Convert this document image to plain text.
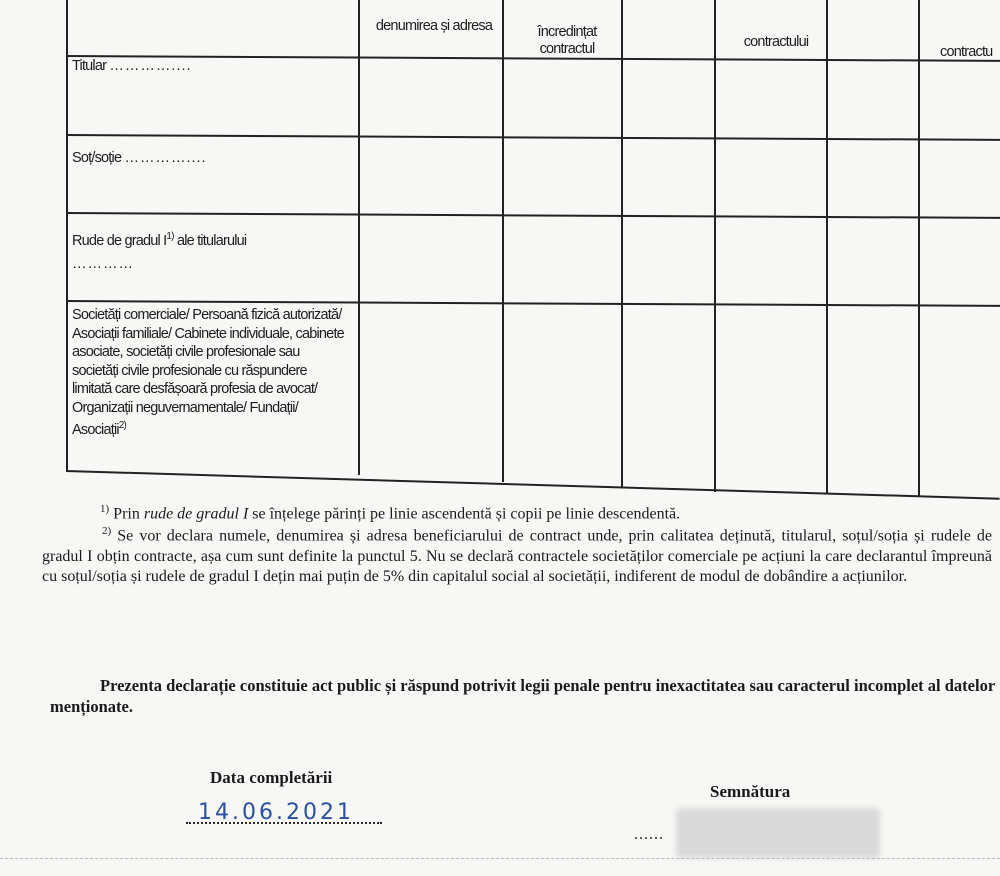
denumirea și adresa	încredințat contractul	contractului
contractu
Titular …………....
Soț/soție …………....
Rude de gradul $I^{1)}$ ale titularului
…………
Societăți comerciale/ Persoană fizică autorizată/ Asociații familiale/ Cabinete individuale, cabinete asociate, societăți civile profesionale sau societăți civile profesionale cu răspundere limitată care desfășoară profesia de avocat/ Organizații neguvernamentale/ Fundații/ Asociații$^{2)}$
$^{1)}$ Prin rude de gradul I se înțelege părinți pe linie ascendentă și copii pe linie descendentă.
$^{2)}$ Se vor declara numele, denumirea și adresa beneficiarului de contract unde, prin calitatea deținută, titularul, soțul/soția și rudele de gradul I obțin contracte, așa cum sunt definite la punctul 5. Nu se declară contractele societăților comerciale pe acțiuni la care declarantul împreună cu soțul/soția și rudele de gradul I dețin mai puțin de 5% din capitalul social al societății, indiferent de modul de dobândire a acțiunilor.
Prezenta declarație constituie act public și răspund potrivit legii penale pentru inexactitatea sau caracterul incomplet al datelor menționate.
Data completării
14.06.2021
Semnătura
......
